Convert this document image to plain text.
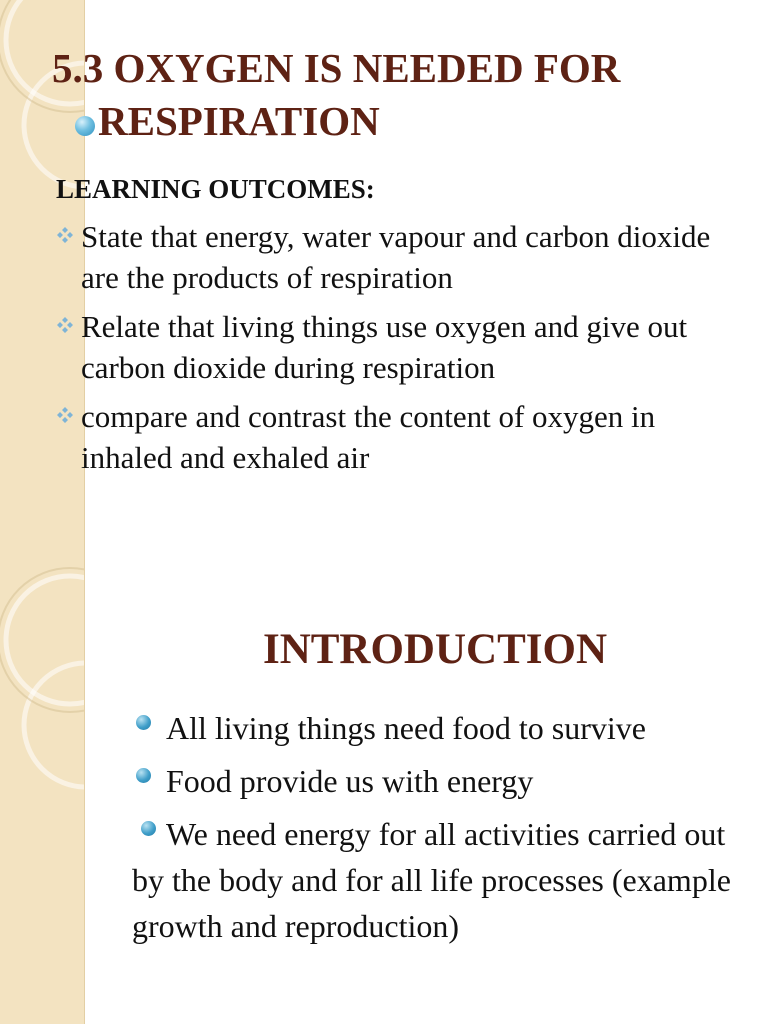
5.3 OXYGEN IS NEEDED FOR
RESPIRATION
LEARNING OUTCOMES:
State that energy, water vapour and carbon dioxide are the products of respiration
Relate that living things use oxygen and give out carbon dioxide during respiration
compare and contrast the content of oxygen in inhaled and exhaled air
INTRODUCTION
All living things need food to survive
Food provide us with energy
We need energy for all activities carried out by the body and for all life processes (example growth and reproduction)
